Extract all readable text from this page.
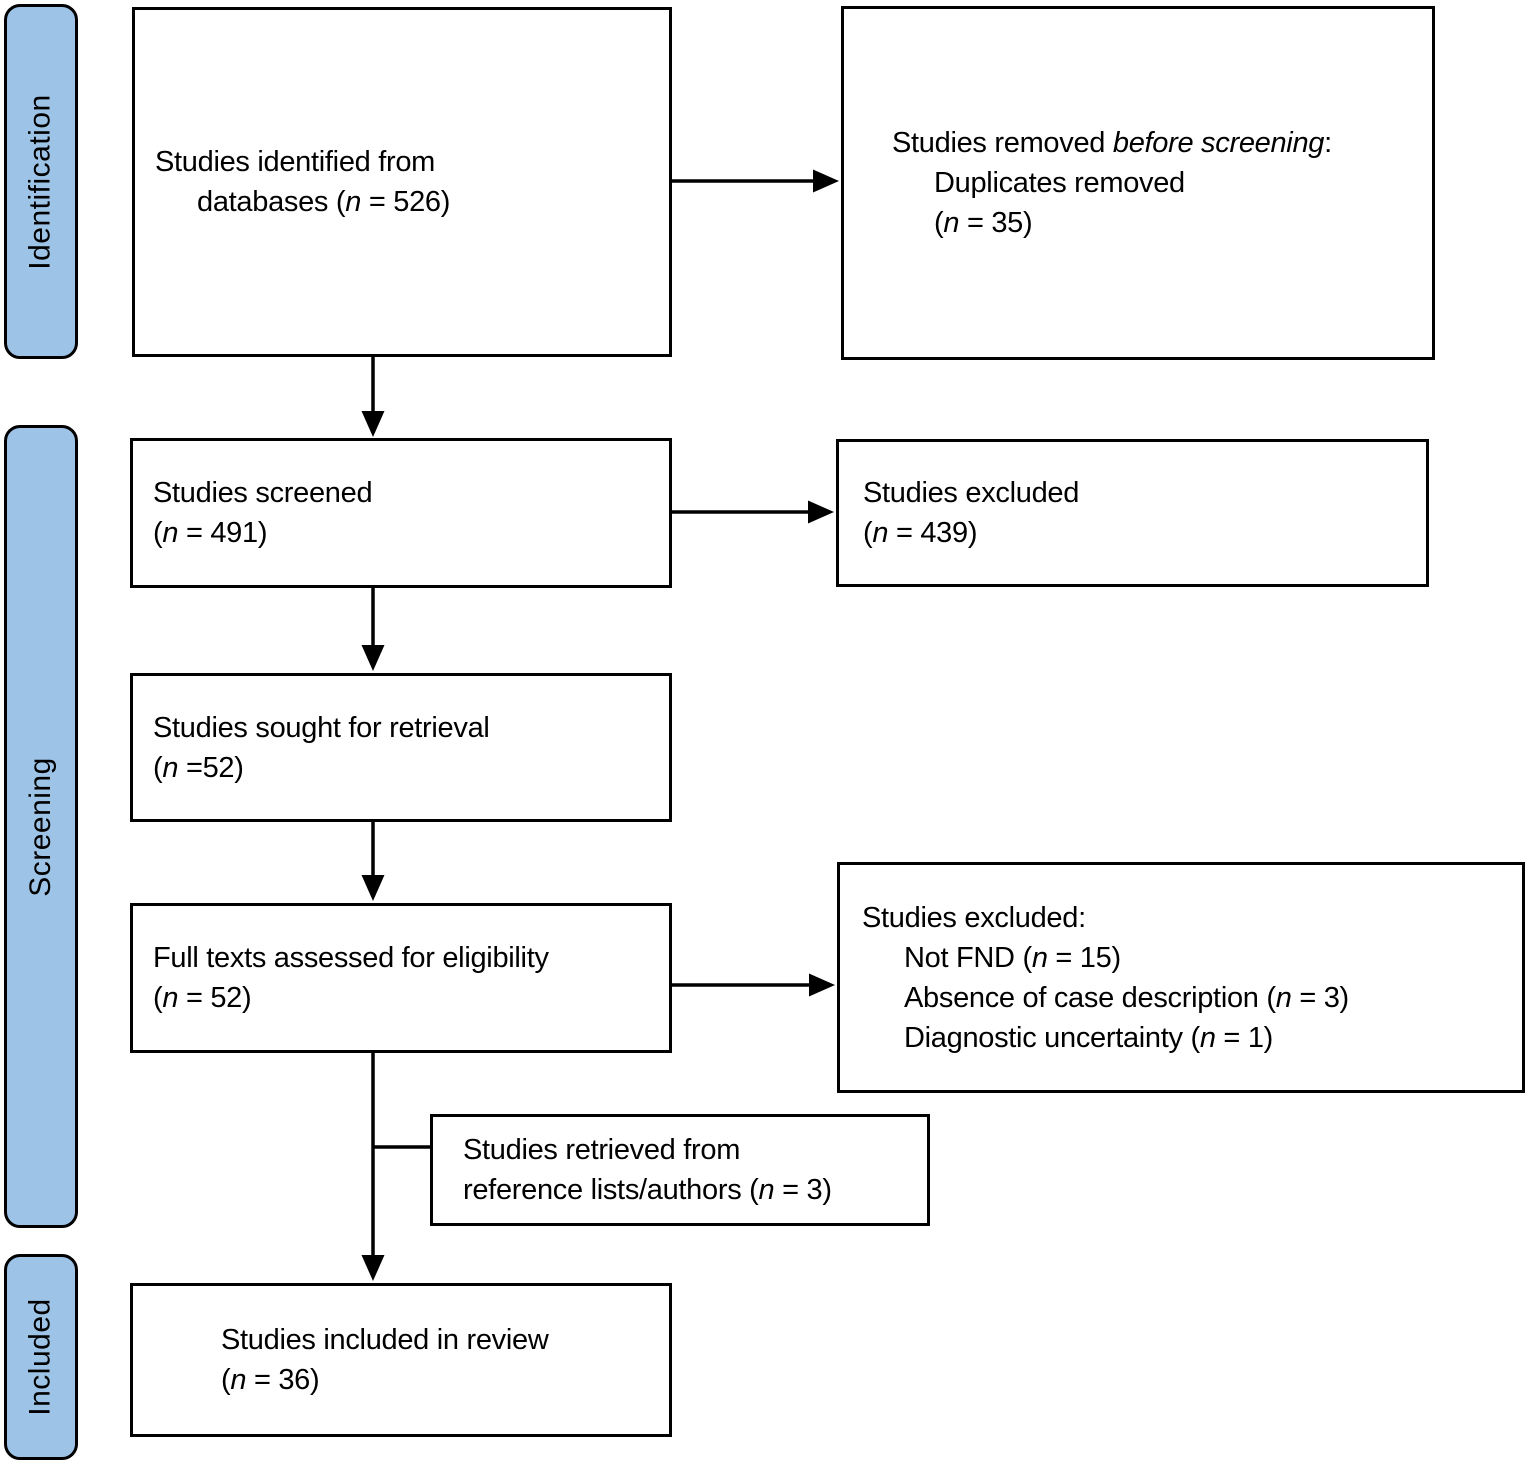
Identification
Screening
Included
Studies identified from
databases (n = 526)
Studies removed before screening:
Duplicates removed
(n = 35)
Studies screened
(n = 491)
Studies excluded
(n = 439)
Studies sought for retrieval
(n =52)
Full texts assessed for eligibility
(n = 52)
Studies excluded:
Not FND (n = 15)
Absence of case description (n = 3)
Diagnostic uncertainty (n = 1)
Studies retrieved from
reference lists/authors (n = 3)
Studies included in review
(n = 36)
